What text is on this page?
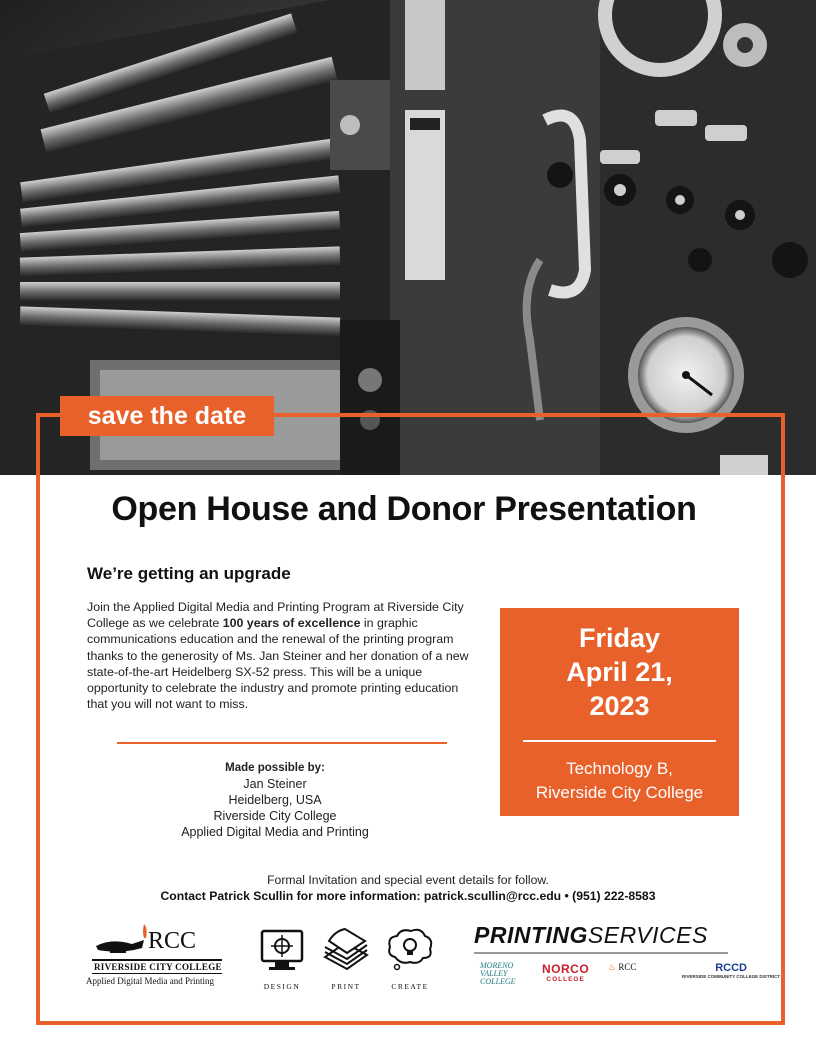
save the date
Open House and Donor Presentation
We’re getting an upgrade
Join the Applied Digital Media and Printing Program at Riverside City College as we celebrate 100 years of excellence in graphic communications education and the renewal of the printing program thanks to the generosity of Ms. Jan Steiner and her donation of a new state-of-the-art Heidelberg SX-52 press. This will be a unique opportunity to celebrate the industry and promote printing education that you will not want to miss.
Made possible by:
Jan Steiner
Heidelberg, USA
Riverside City College
Applied Digital Media and Printing
Friday
April 21,
2023
Technology B,
Riverside City College
Formal Invitation and special event details for follow.
Contact Patrick Scullin for more information: patrick.scullin@rcc.edu • (951) 222-8583
RCC
RIVERSIDE CITY COLLEGE
Applied Digital Media and Printing
DESIGN	PRINT	CREATE
PRINTINGSERVICES
MORENO
VALLEY
COLLEGE
NORCO
COLLEGE
♨ RCC	RCCD
RIVERSIDE COMMUNITY COLLEGE DISTRICT
